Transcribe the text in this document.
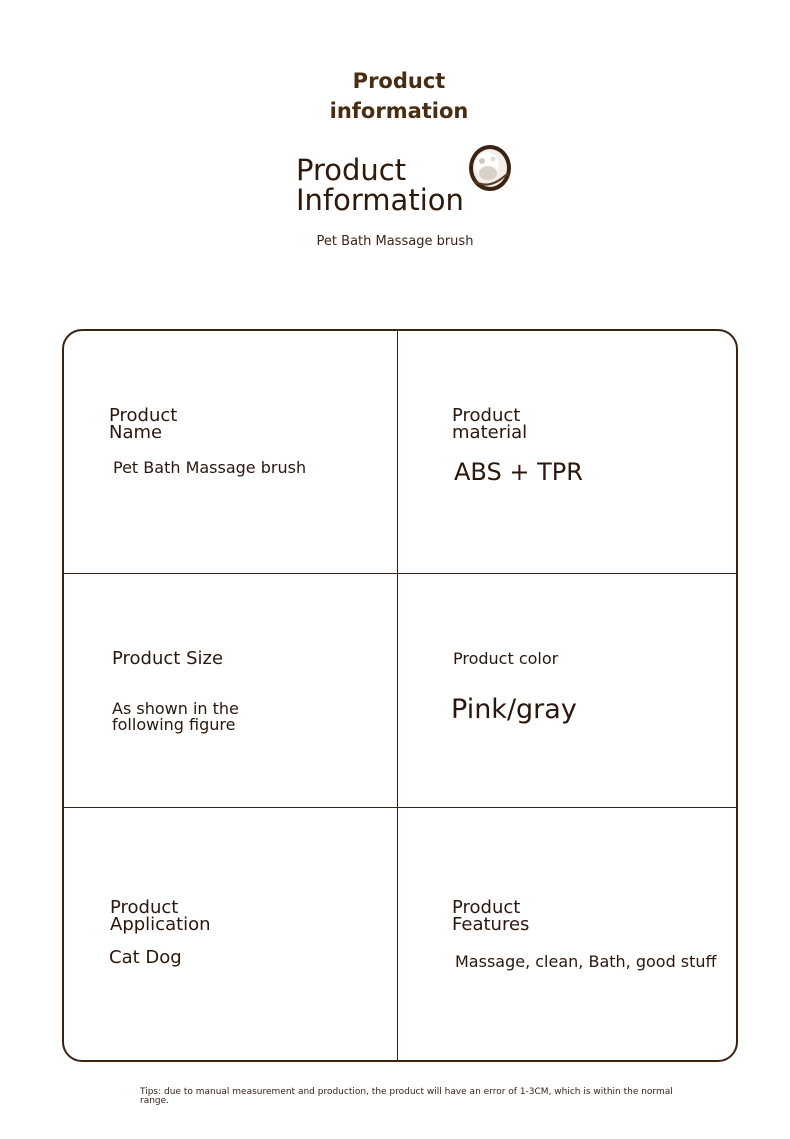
Product
information
Product
Information
Pet Bath Massage brush
Product
Name
Pet Bath Massage brush
Product
material
ABS + TPR
Product Size
As shown in the
following figure
Product color
Pink/gray
Product
Application
Cat Dog
Product
Features
Massage, clean, Bath, good stuff
Tips: due to manual measurement and production, the product will have an error of 1-3CM, which is within the normal range.
